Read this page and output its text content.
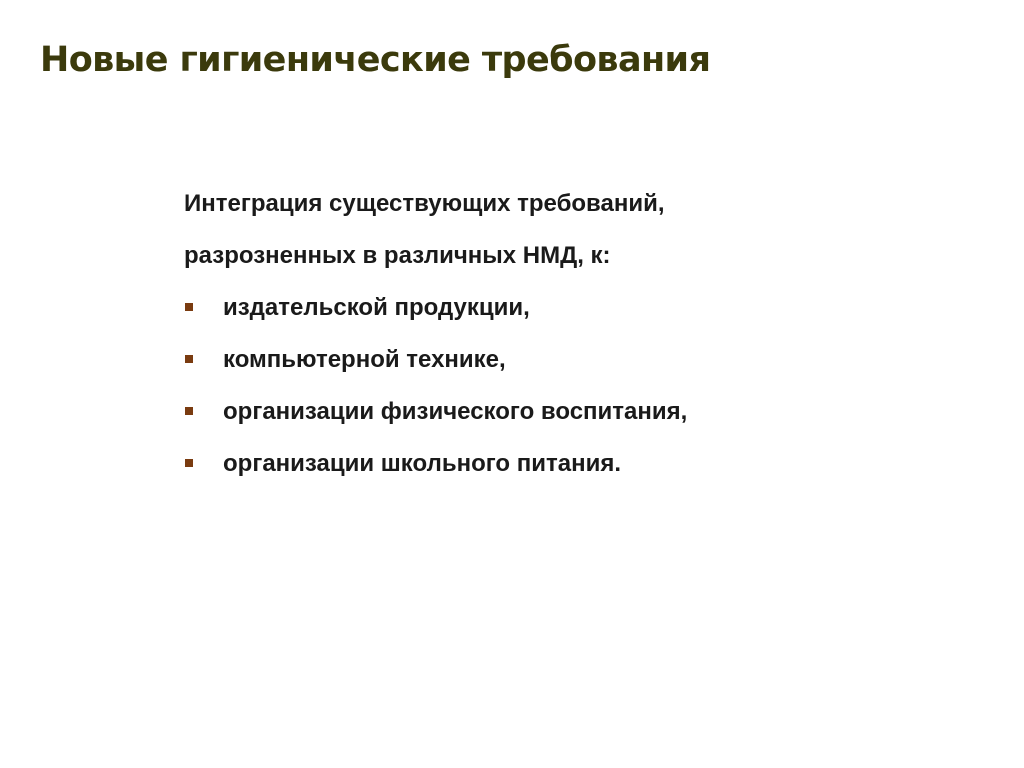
Новые гигиенические требования

Интеграция существующих требований,

разрозненных в различных НМД, к:

издательской продукции,
компьютерной технике,
организации физического воспитания,
организации школьного питания.
